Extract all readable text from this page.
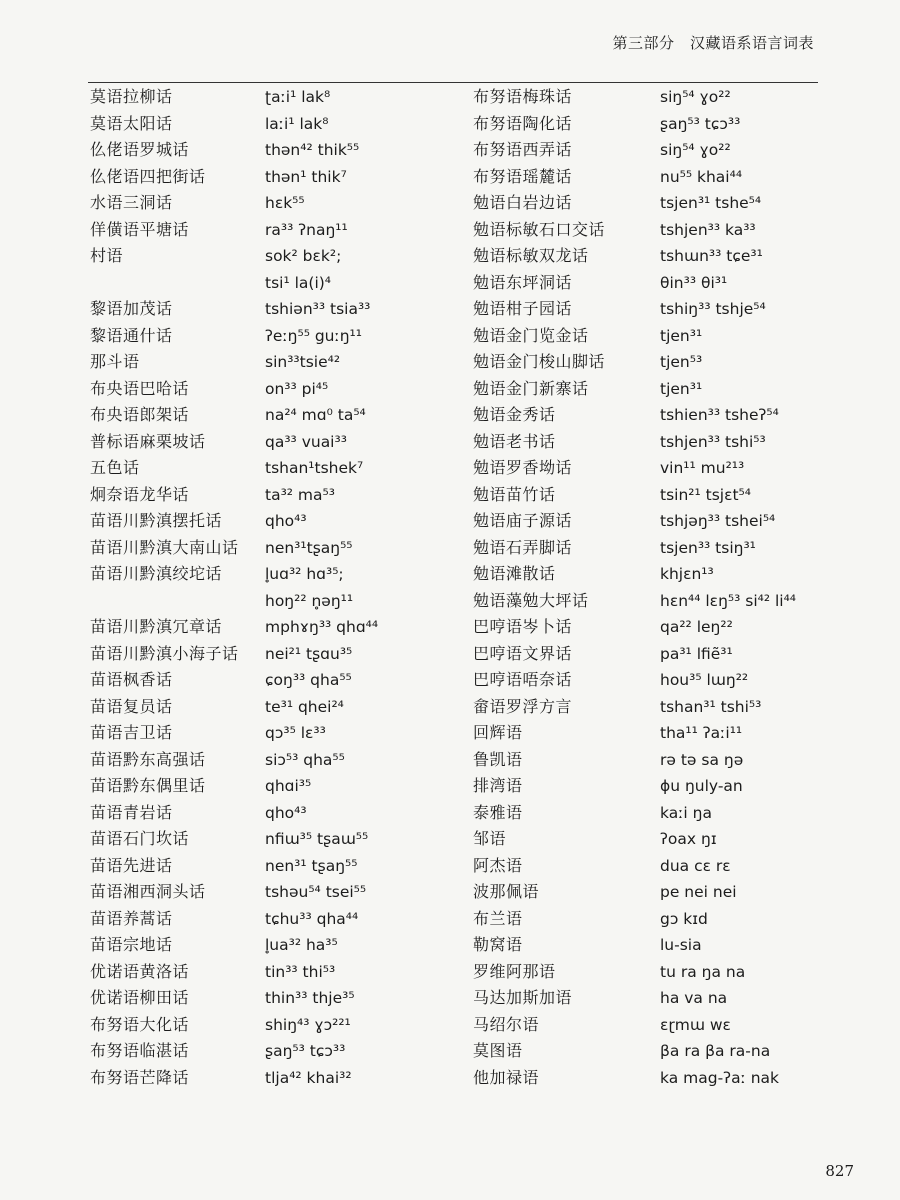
第三部分　汉藏语系语言词表
莫语拉柳话
莫语太阳话
仫佬语罗城话
仫佬语四把街话
水语三洞话
佯僙语平塘话
村语
黎语加茂话
黎语通什话
那斗语
布央语巴哈话
布央语郎架话
普标语麻栗坡话
五色话
炯奈语龙华话
苗语川黔滇摆托话
苗语川黔滇大南山话
苗语川黔滇绞坨话
苗语川黔滇冗章话
苗语川黔滇小海子话
苗语枫香话
苗语复员话
苗语吉卫话
苗语黔东高强话
苗语黔东偶里话
苗语青岩话
苗语石门坎话
苗语先进话
苗语湘西洞头话
苗语养蒿话
苗语宗地话
优诺语黄洛话
优诺语柳田话
布努语大化话
布努语临湛话
布努语芒降话
ʈaːi¹ lak⁸
laːi¹ lak⁸
thən⁴² thik⁵⁵
thən¹ thik⁷
hɛk⁵⁵
ra³³ ʔnaŋ¹¹
sok² bɛk²;
tsi¹ la(i)⁴
tshiən³³ tsia³³
ʔeːŋ⁵⁵ guːŋ¹¹
sin³³tsie⁴²
on³³ pi⁴⁵
na²⁴ mɑ⁰ ta⁵⁴
qa³³ vuai³³
tshan¹tshek⁷
ta³² ma⁵³
qho⁴³
nen³¹tʂaŋ⁵⁵
l̥uɑ³² hɑ³⁵;
hoŋ²² n̥əŋ¹¹
mphɤŋ³³ qhɑ⁴⁴
nei²¹ tʂɑu³⁵
ɕoŋ³³ qha⁵⁵
te³¹ qhei²⁴
qɔ³⁵ lɛ³³
siɔ⁵³ qha⁵⁵
qhɑi³⁵
qho⁴³
nfiɯ³⁵ tʂaɯ⁵⁵
nen³¹ tʂaŋ⁵⁵
tshəu⁵⁴ tsei⁵⁵
tɕhu³³ qha⁴⁴
l̥ua³² ha³⁵
tin³³ thi⁵³
thin³³ thje³⁵
shiŋ⁴³ ɣɔ²²¹
ʂaŋ⁵³ tɕɔ³³
tlja⁴² khai³²
布努语梅珠话
布努语陶化话
布努语西弄话
布努语瑶麓话
勉语白岩边话
勉语标敏石口交话
勉语标敏双龙话
勉语东坪洞话
勉语柑子园话
勉语金门览金话
勉语金门梭山脚话
勉语金门新寨话
勉语金秀话
勉语老书话
勉语罗香坳话
勉语苗竹话
勉语庙子源话
勉语石弄脚话
勉语滩散话
勉语藻勉大坪话
巴哼语岑卜话
巴哼语文界话
巴哼语唔奈话
畲语罗浮方言
回辉语
鲁凯语
排湾语
泰雅语
邹语
阿杰语
波那佩语
布兰语
勒窝语
罗维阿那语
马达加斯加语
马绍尔语
莫图语
他加禄语
siŋ⁵⁴ ɣo²²
ʂaŋ⁵³ tɕɔ³³
siŋ⁵⁴ ɣo²²
nu⁵⁵ khai⁴⁴
tsjen³¹ tshe⁵⁴
tshjen³³ ka³³
tshɯn³³ tɕe³¹
θin³³ θi³¹
tshiŋ³³ tshje⁵⁴
tjen³¹
tjen⁵³
tjen³¹
tshien³³ tsheʔ⁵⁴
tshjen³³ tshi⁵³
vin¹¹ mu²¹³
tsin²¹ tsjɛt⁵⁴
tshjəŋ³³ tshei⁵⁴
tsjen³³ tsiŋ³¹
khjɛn¹³
hɛn⁴⁴ lɛŋ⁵³ si⁴² li⁴⁴
qa²² leŋ²²
pa³¹ lfiẽ³¹
hou³⁵ lɯŋ²²
tshan³¹ tshi⁵³
tha¹¹ ʔaːi¹¹
rə tə sa ŋə
ɸu ŋuly-an
kaːi ŋa
ʔoax ŋɪ
dua cɛ rɛ
pe nei nei
gɔ kɪd
lu-sia
tu ra ŋa na
ha va na
ɛɽmɯ wɛ
βa ra βa ra-na
ka mag-ʔaː nak
827
